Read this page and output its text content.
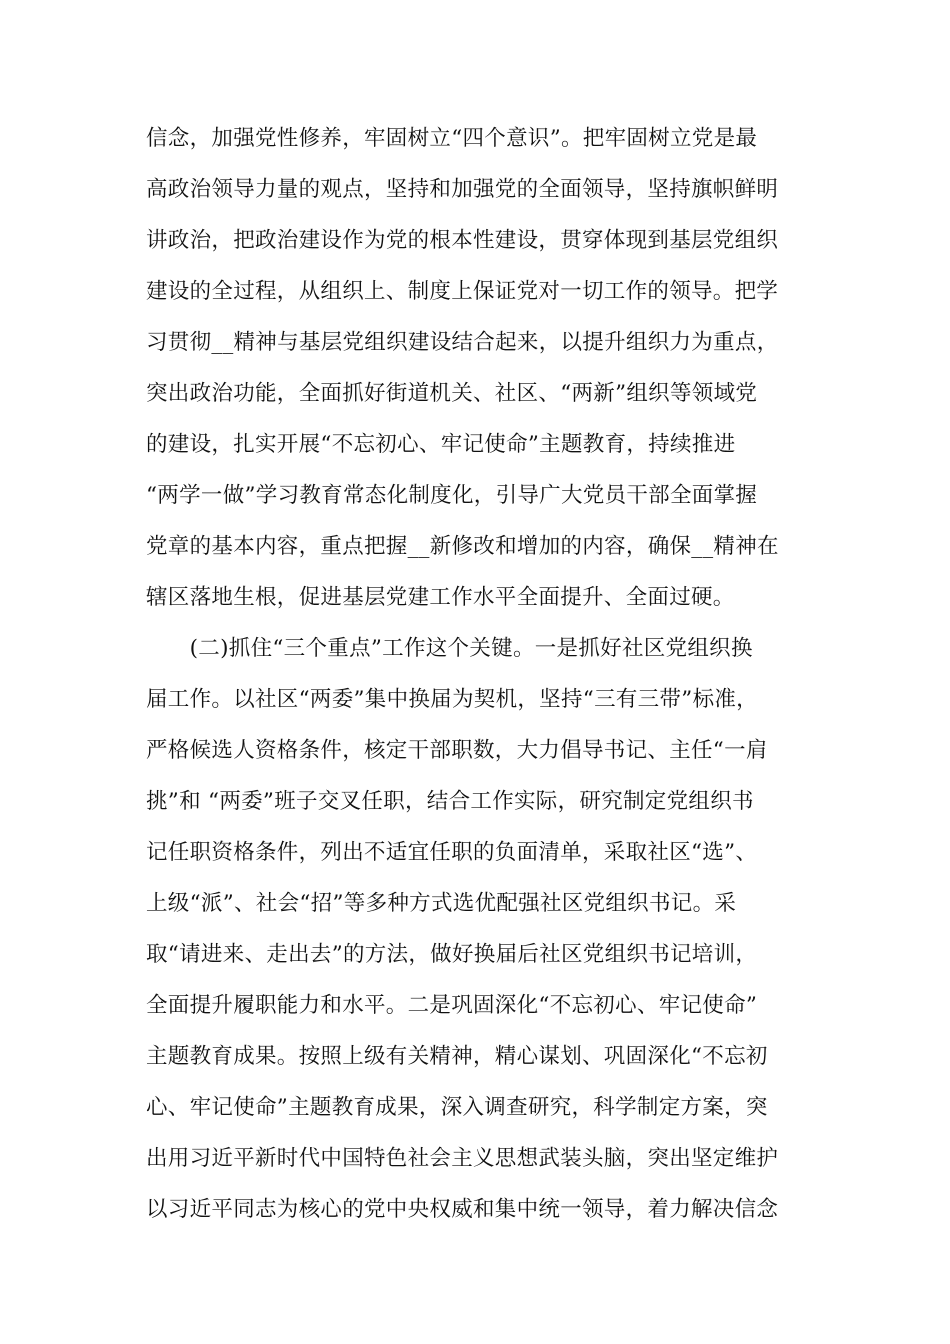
信念，加强党性修养，牢固树立“四个意识”。把牢固树立党是最
高政治领导力量的观点，坚持和加强党的全面领导，坚持旗帜鲜明
讲政治，把政治建设作为党的根本性建设，贯穿体现到基层党组织
建设的全过程，从组织上、制度上保证党对一切工作的领导。把学
习贯彻__精神与基层党组织建设结合起来，以提升组织力为重点，
突出政治功能，全面抓好街道机关、社区、“两新”组织等领域党
的建设，扎实开展“不忘初心、牢记使命”主题教育，持续推进
“两学一做”学习教育常态化制度化，引导广大党员干部全面掌握
党章的基本内容，重点把握__新修改和增加的内容，确保__精神在
辖区落地生根，促进基层党建工作水平全面提升、全面过硬。
　　(二)抓住“三个重点”工作这个关键。一是抓好社区党组织换
届工作。以社区“两委”集中换届为契机，坚持“三有三带”标准，
严格候选人资格条件，核定干部职数，大力倡导书记、主任“一肩
挑”和 “两委”班子交叉任职，结合工作实际，研究制定党组织书
记任职资格条件，列出不适宜任职的负面清单，采取社区“选”、
上级“派”、社会“招”等多种方式选优配强社区党组织书记。采
取“请进来、走出去”的方法，做好换届后社区党组织书记培训，
全面提升履职能力和水平。二是巩固深化“不忘初心、牢记使命”
主题教育成果。按照上级有关精神，精心谋划、巩固深化“不忘初
心、牢记使命”主题教育成果，深入调查研究，科学制定方案，突
出用习近平新时代中国特色社会主义思想武装头脑，突出坚定维护
以习近平同志为核心的党中央权威和集中统一领导，着力解决信念
